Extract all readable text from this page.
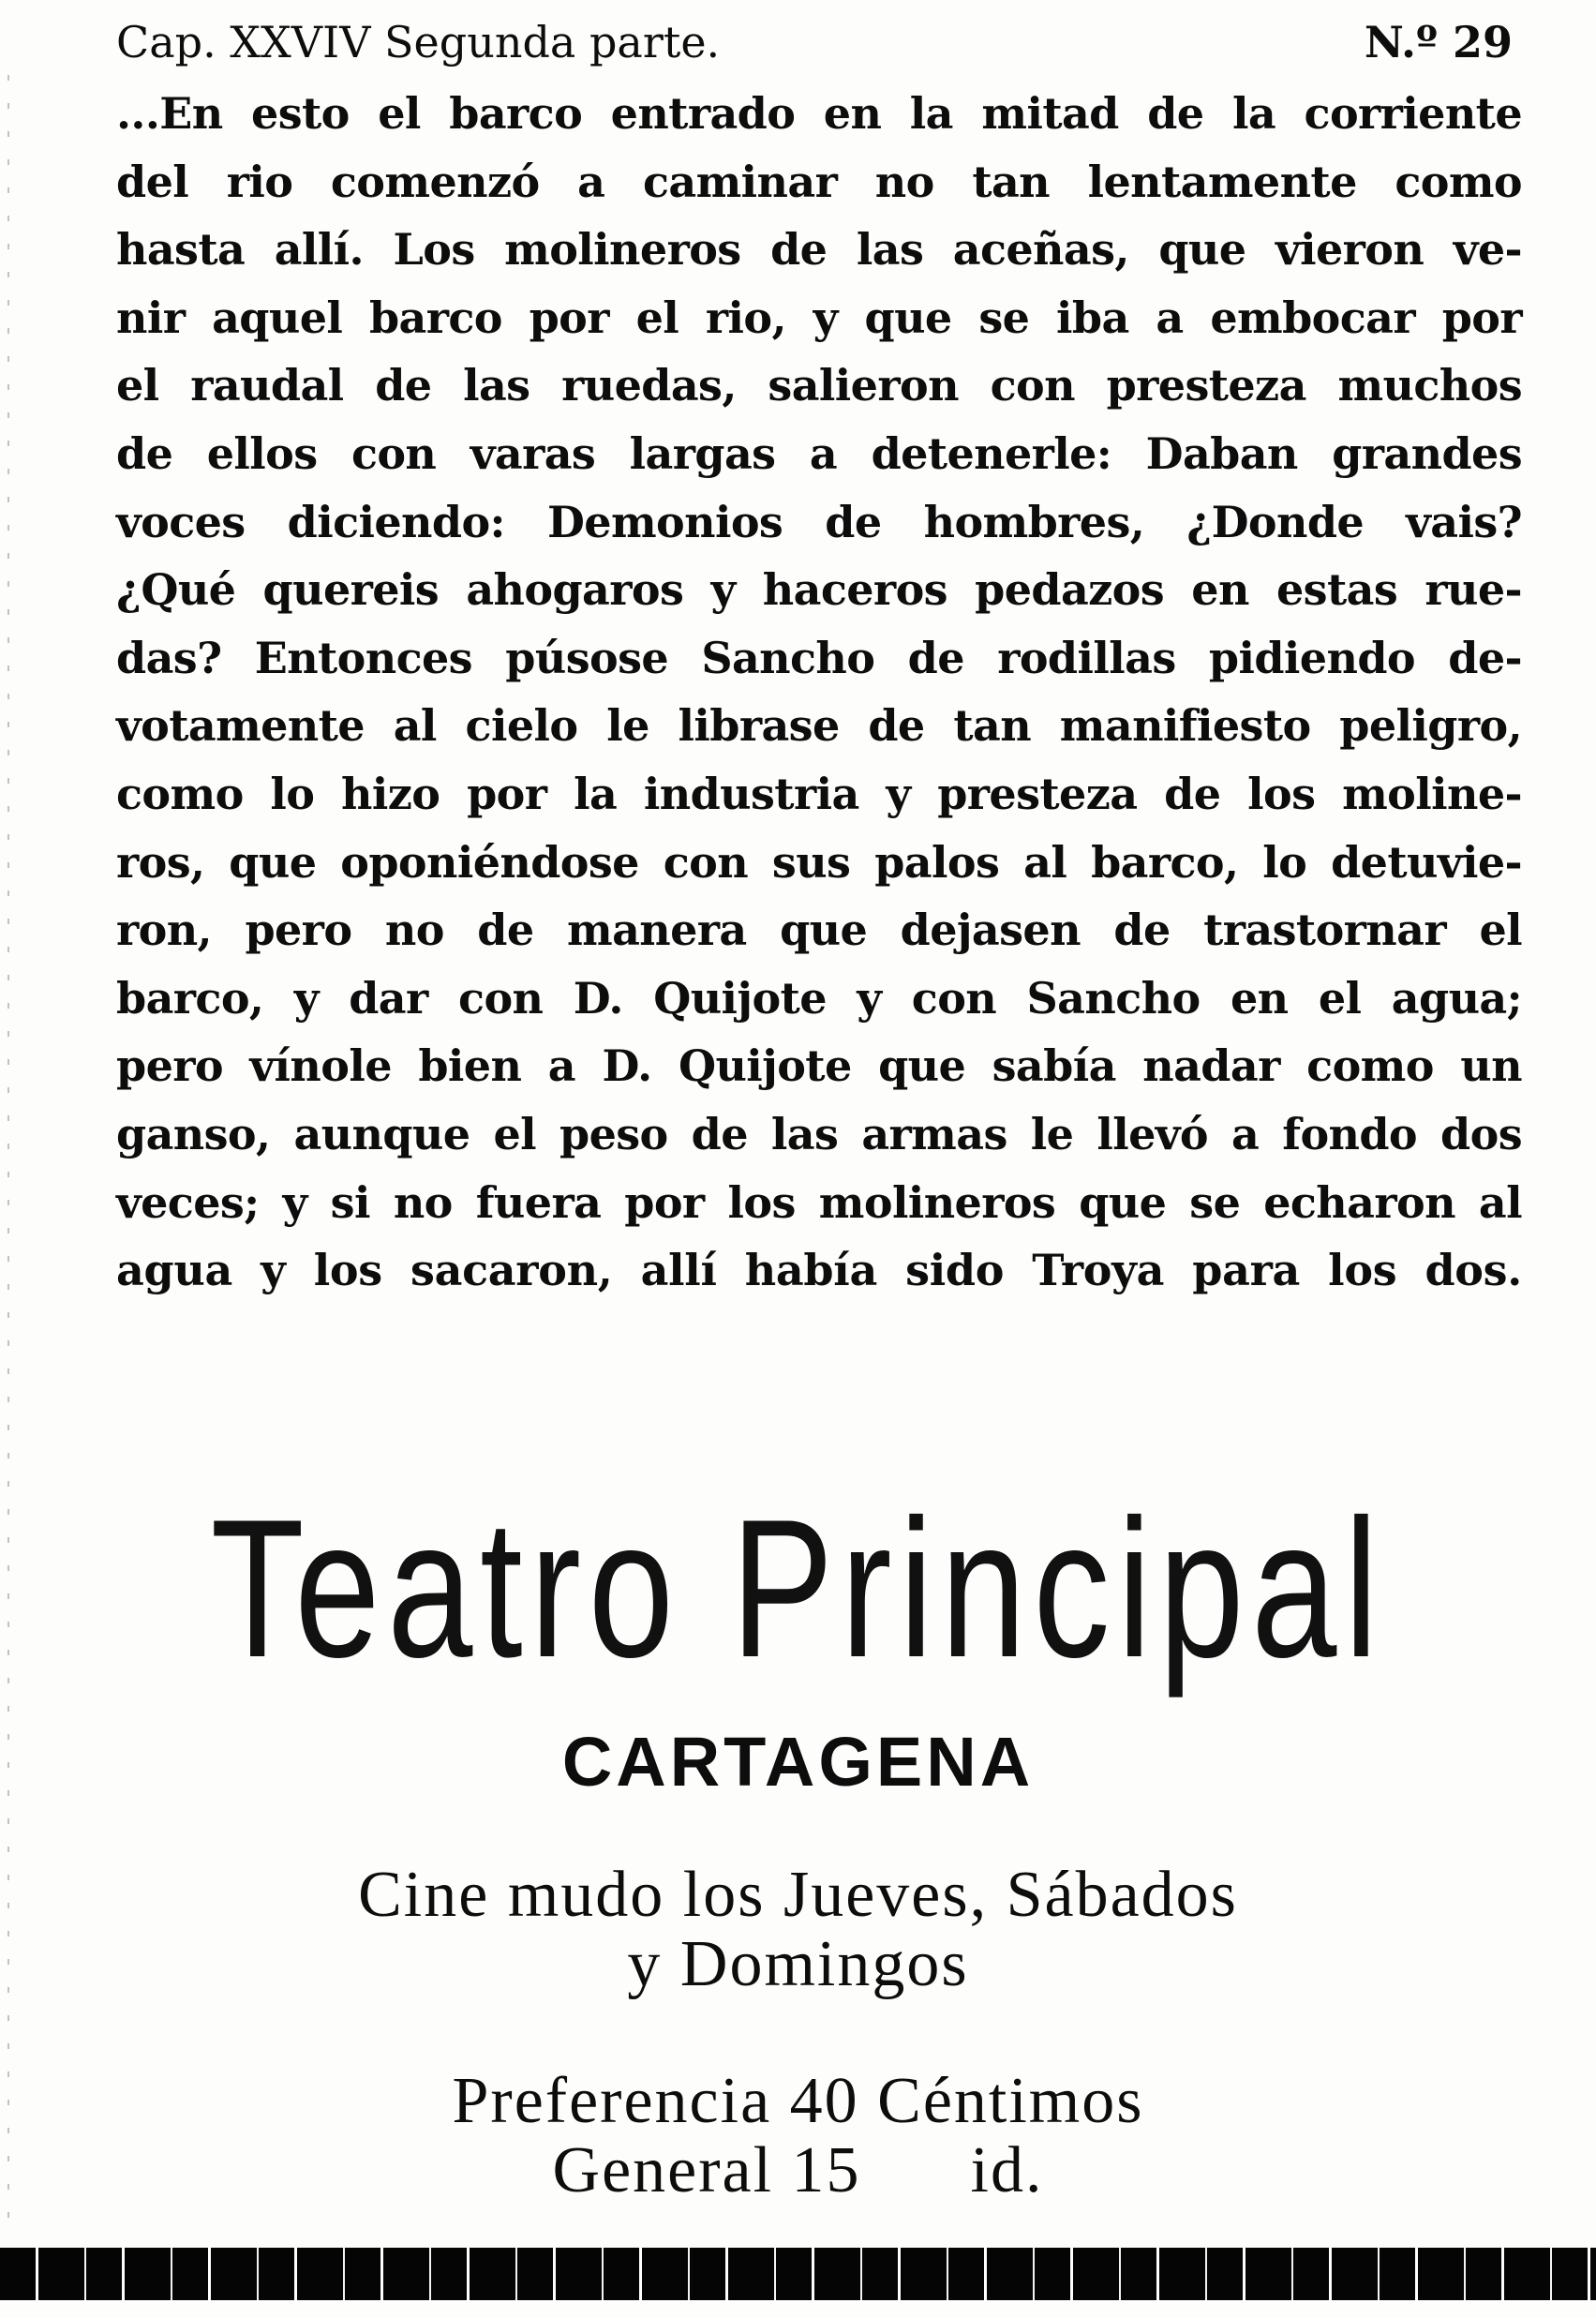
Cap. XXVIV Segunda parte.	N.º 29
...En esto el barco entrado en la mitad de la corriente
del rio comenzó a caminar no tan lentamente como
hasta allí. Los molineros de las aceñas, que vieron ve-
nir aquel barco por el rio, y que se iba a embocar por
el raudal de las ruedas, salieron con presteza muchos
de ellos con varas largas a detenerle: Daban grandes
voces diciendo: Demonios de hombres, ¿Donde vais?
¿Qué quereis ahogaros y haceros pedazos en estas rue-
das? Entonces púsose Sancho de rodillas pidiendo de-
votamente al cielo le librase de tan manifiesto peligro,
como lo hizo por la industria y presteza de los moline-
ros, que oponiéndose con sus palos al barco, lo detuvie-
ron, pero no de manera que dejasen de trastornar el
barco, y dar con D. Quijote y con Sancho en el agua;
pero vínole bien a D. Quijote que sabía nadar como un
ganso, aunque el peso de las armas le llevó a fondo dos
veces; y si no fuera por los molineros que se echaron al
agua y los sacaron, allí había sido Troya para los dos.
Teatro Principal
CARTAGENA
Cine mudo los Jueves, Sábados
y Domingos
Preferencia 40 Céntimos
General 15      id.
